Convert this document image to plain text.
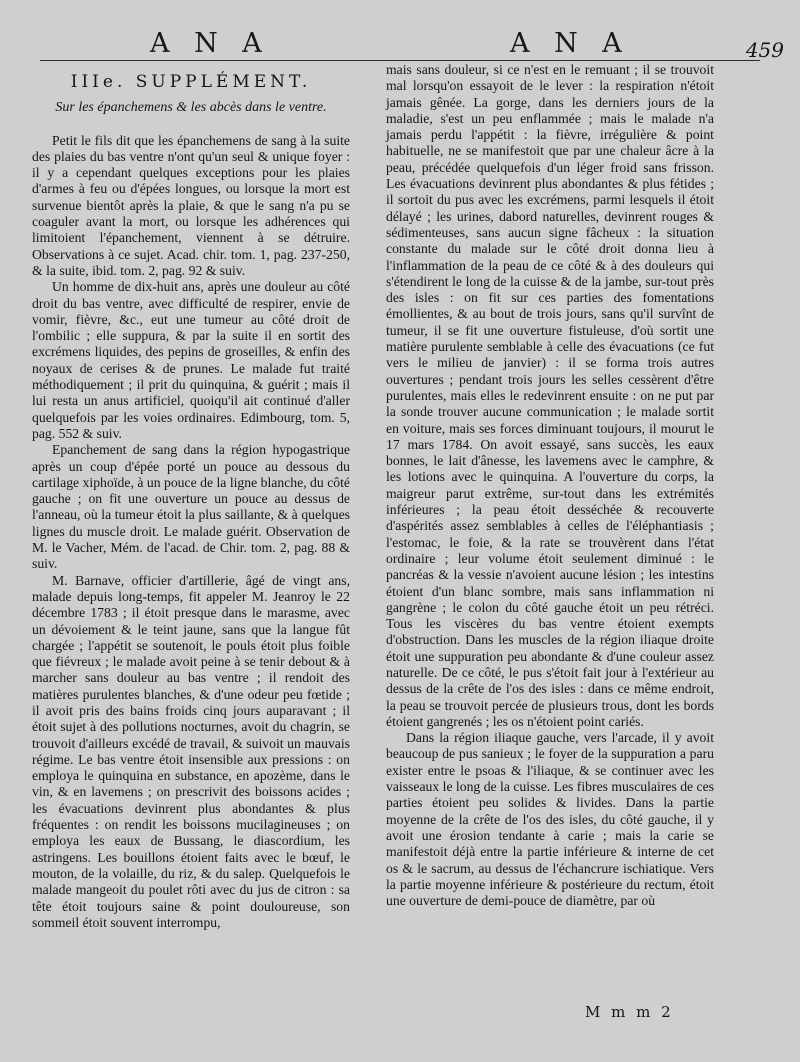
A N A	A N A	459
IIIe. SUPPLÉMENT.
Sur les épanchemens & les abcès dans le ventre.

Petit le fils dit que les épanchemens de sang à la suite des plaies du bas ventre n'ont qu'un seul & unique foyer : il y a cependant quelques exceptions pour les plaies d'armes à feu ou d'épées longues, ou lorsque la mort est survenue bientôt après la plaie, & que le sang n'a pu se coaguler avant la mort, ou lorsque les adhérences qui limitoient l'épanchement, viennent à se détruire. Observations à ce sujet. Acad. chir. tom. 1, pag. 237-250, & la suite, ibid. tom. 2, pag. 92 & suiv.

Un homme de dix-huit ans, après une douleur au côté droit du bas ventre, avec difficulté de respirer, envie de vomir, fièvre, &c., eut une tumeur au côté droit de l'ombilic ; elle suppura, & par la suite il en sortit des excrémens liquides, des pepins de groseilles, & enfin des noyaux de cerises & de prunes. Le malade fut traité méthodiquement ; il prit du quinquina, & guérit ; mais il lui resta un anus artificiel, quoiqu'il ait continué d'aller quelquefois par les voies ordinaires. Edimbourg, tom. 5, pag. 552 & suiv.

Epanchement de sang dans la région hypogastrique après un coup d'épée porté un pouce au dessous du cartilage xiphoïde, à un pouce de la ligne blanche, du côté gauche ; on fit une ouverture un pouce au dessus de l'anneau, où la tumeur étoit la plus saillante, & à quelques lignes du muscle droit. Le malade guérit. Observation de M. le Vacher, Mém. de l'acad. de Chir. tom. 2, pag. 88 & suiv.

M. Barnave, officier d'artillerie, âgé de vingt ans, malade depuis long-temps, fit appeler M. Jeanroy le 22 décembre 1783 ; il étoit presque dans le marasme, avec un dévoiement & le teint jaune, sans que la langue fût chargée ; l'appétit se soutenoit, le pouls étoit plus foible que fiévreux ; le malade avoit peine à se tenir debout & à marcher sans douleur au bas ventre ; il rendoit des matières purulentes blanches, & d'une odeur peu fœtide ; il avoit pris des bains froids cinq jours auparavant ; il étoit sujet à des pollutions nocturnes, avoit du chagrin, se trouvoit d'ailleurs excédé de travail, & suivoit un mauvais régime. Le bas ventre étoit insensible aux pressions : on employa le quinquina en substance, en apozème, dans le vin, & en lavemens ; on prescrivit des boissons acides ; les évacuations devinrent plus abondantes & plus fréquentes : on rendit les boissons mucilagineuses ; on employa les eaux de Bussang, le diascordium, les astringens. Les bouillons étoient faits avec le bœuf, le mouton, de la volaille, du riz, & du salep. Quelquefois le malade mangeoit du poulet rôti avec du jus de citron : sa tête étoit toujours saine & point douloureuse, son sommeil étoit souvent interrompu,

mais sans douleur, si ce n'est en le remuant ; il se trouvoit mal lorsqu'on essayoit de le lever : la respiration n'étoit jamais gênée. La gorge, dans les derniers jours de la maladie, s'est un peu enflammée ; mais le malade n'a jamais perdu l'appétit : la fièvre, irrégulière & point habituelle, ne se manifestoit que par une chaleur âcre à la peau, précédée quelquefois d'un léger froid sans frisson. Les évacuations devinrent plus abondantes & plus fétides ; il sortoit du pus avec les excrémens, parmi lesquels il étoit délayé ; les urines, dabord naturelles, devinrent rouges & sédimenteuses, sans aucun signe fâcheux : la situation constante du malade sur le côté droit donna lieu à l'inflammation de la peau de ce côté & à des douleurs qui s'étendirent le long de la cuisse & de la jambe, sur-tout près des isles : on fit sur ces parties des fomentations émollientes, & au bout de trois jours, sans qu'il survînt de tumeur, il se fit une ouverture fistuleuse, d'où sortit une matière purulente semblable à celle des évacuations (ce fut vers le milieu de janvier) : il se forma trois autres ouvertures ; pendant trois jours les selles cessèrent d'être purulentes, mais elles le redevinrent ensuite : on ne put par la sonde trouver aucune communication ; le malade sortit en voiture, mais ses forces diminuant toujours, il mourut le 17 mars 1784. On avoit essayé, sans succès, les eaux bonnes, le lait d'ânesse, les lavemens avec le camphre, & les lotions avec le quinquina. A l'ouverture du corps, la maigreur parut extrême, sur-tout dans les extrémités inférieures ; la peau étoit desséchée & recouverte d'aspérités assez semblables à celles de l'éléphantiasis ; l'estomac, le foie, & la rate se trouvèrent dans l'état ordinaire ; leur volume étoit seulement diminué : le pancréas & la vessie n'avoient aucune lésion ; les intestins étoient d'un blanc sombre, mais sans inflammation ni gangrène ; le colon du côté gauche étoit un peu rétréci. Tous les viscères du bas ventre étoient exempts d'obstruction. Dans les muscles de la région iliaque droite étoit une suppuration peu abondante & d'une couleur assez naturelle. De ce côté, le pus s'étoit fait jour à l'extérieur au dessus de la crête de l'os des isles : dans ce même endroit, la peau se trouvoit percée de plusieurs trous, dont les bords étoient gangrenés ; les os n'étoient point cariés.

Dans la région iliaque gauche, vers l'arcade, il y avoit beaucoup de pus sanieux ; le foyer de la suppuration a paru exister entre le psoas & l'iliaque, & se continuer avec les vaisseaux le long de la cuisse. Les fibres musculaires de ces parties étoient peu solides & livides. Dans la partie moyenne de la crête de l'os des isles, du côté gauche, il y avoit une érosion tendante à carie ; mais la carie se manifestoit déjà entre la partie inférieure & interne de cet os & le sacrum, au dessus de l'échancrure ischiatique. Vers la partie moyenne inférieure & postérieure du rectum, étoit une ouverture de demi-pouce de diamètre, par où

M m m 2
